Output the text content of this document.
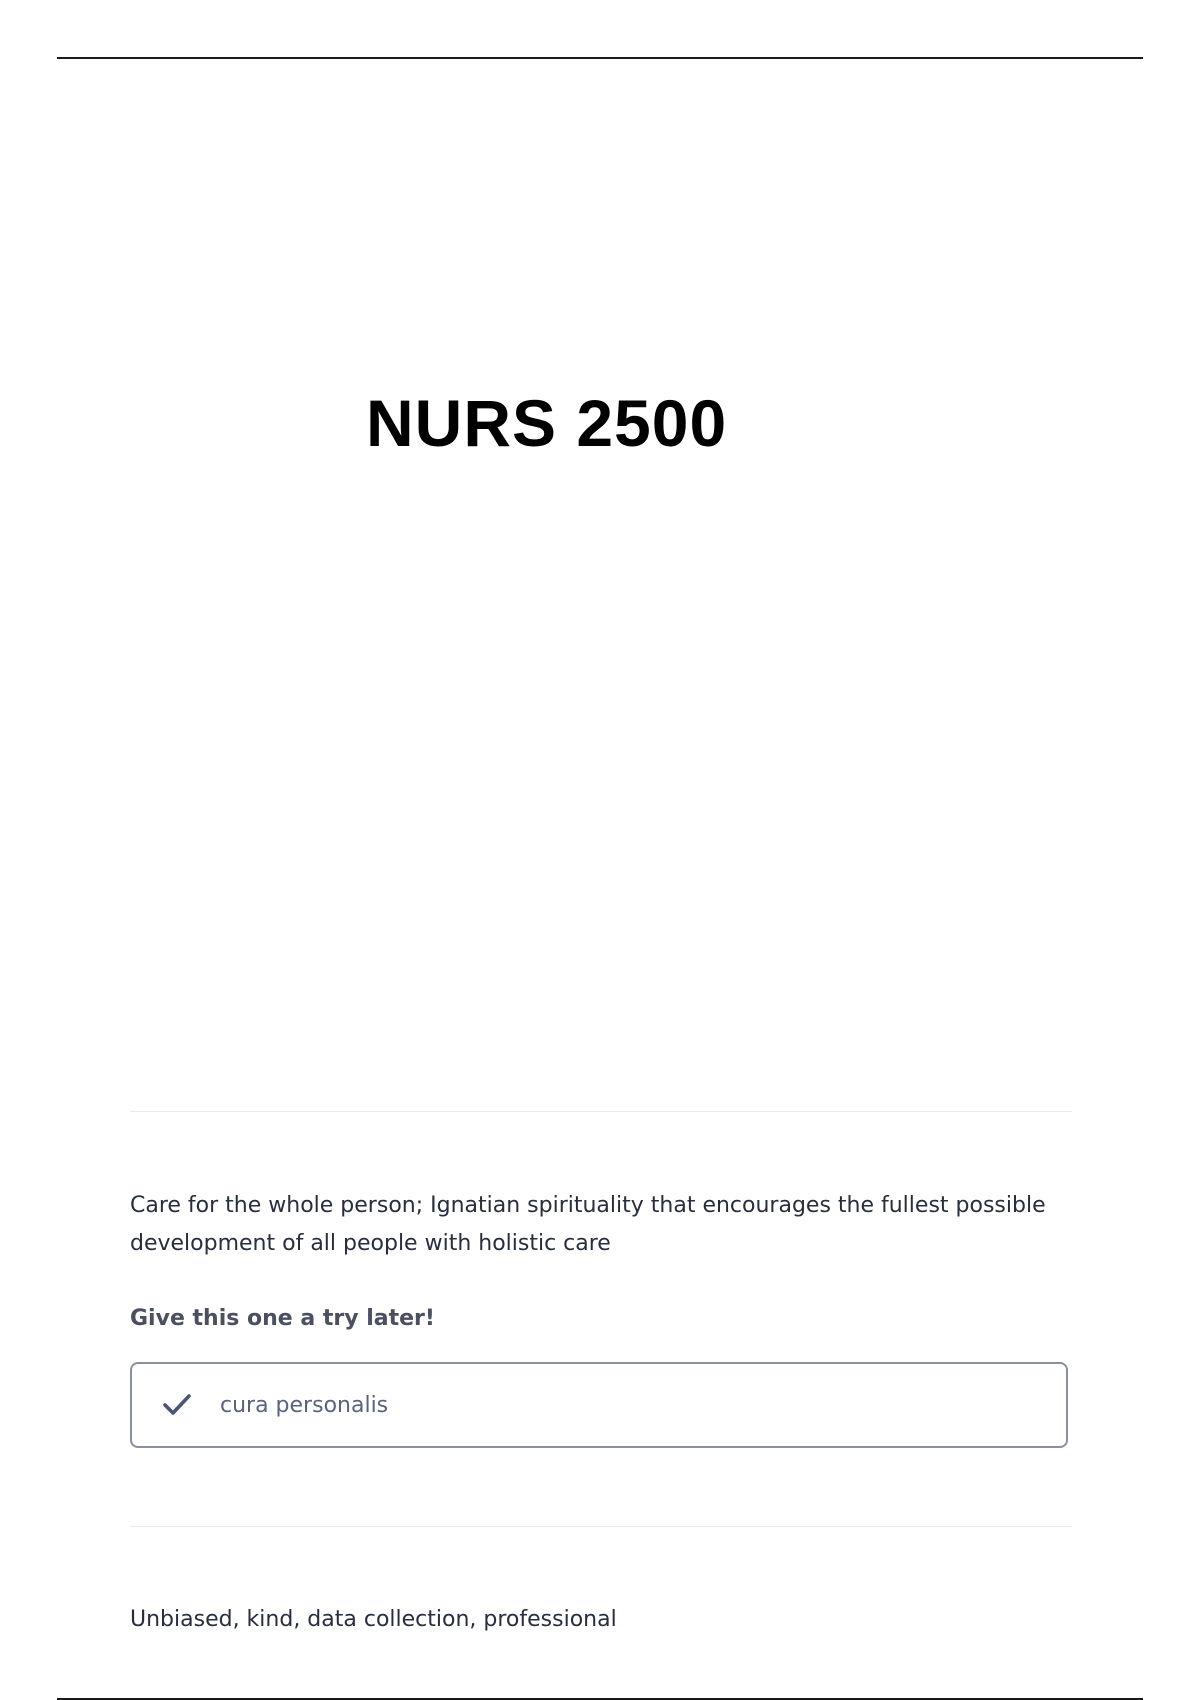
NURS 2500

Care for the whole person; Ignatian spirituality that encourages the fullest possible development of all people with holistic care

Give this one a try later!

cura personalis

Unbiased, kind, data collection, professional
